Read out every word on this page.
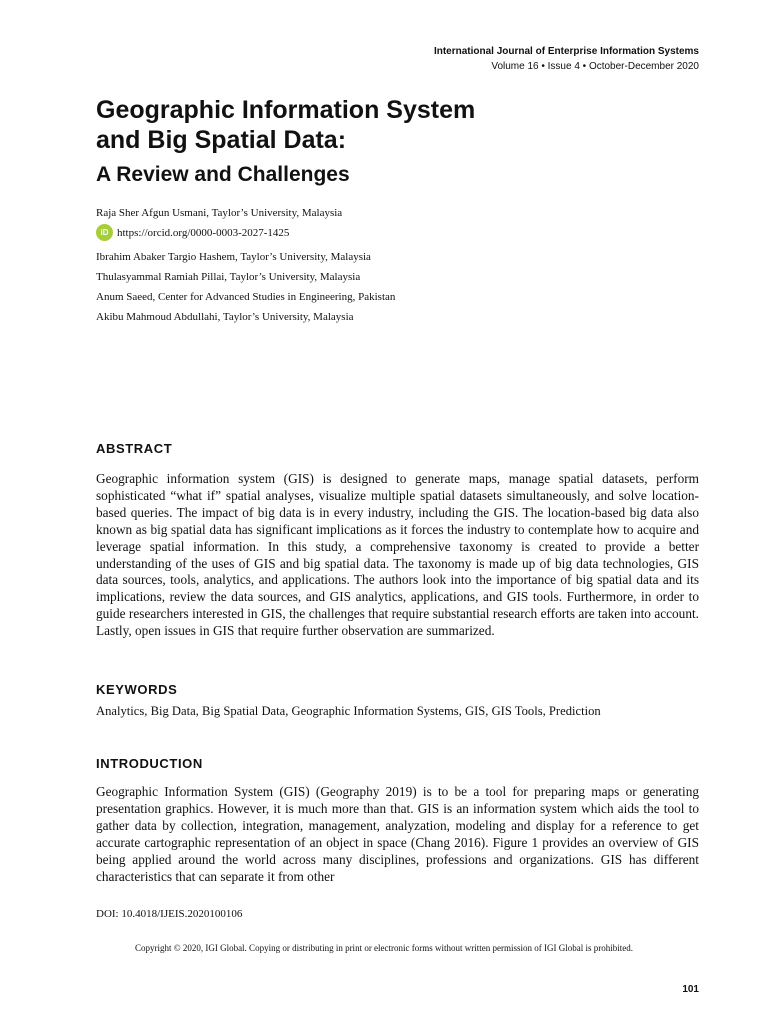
International Journal of Enterprise Information Systems
Volume 16 • Issue 4 • October-December 2020
Geographic Information System
and Big Spatial Data:
A Review and Challenges
Raja Sher Afgun Usmani, Taylor’s University, Malaysia
iD https://orcid.org/0000-0003-2027-1425
Ibrahim Abaker Targio Hashem, Taylor’s University, Malaysia
Thulasyammal Ramiah Pillai, Taylor’s University, Malaysia
Anum Saeed, Center for Advanced Studies in Engineering, Pakistan
Akibu Mahmoud Abdullahi, Taylor’s University, Malaysia
ABSTRACT

Geographic information system (GIS) is designed to generate maps, manage spatial datasets, perform sophisticated “what if” spatial analyses, visualize multiple spatial datasets simultaneously, and solve location-based queries. The impact of big data is in every industry, including the GIS. The location-based big data also known as big spatial data has significant implications as it forces the industry to contemplate how to acquire and leverage spatial information. In this study, a comprehensive taxonomy is created to provide a better understanding of the uses of GIS and big spatial data. The taxonomy is made up of big data technologies, GIS data sources, tools, analytics, and applications. The authors look into the importance of big spatial data and its implications, review the data sources, and GIS analytics, applications, and GIS tools. Furthermore, in order to guide researchers interested in GIS, the challenges that require substantial research efforts are taken into account. Lastly, open issues in GIS that require further observation are summarized.

KEYWORDS
Analytics, Big Data, Big Spatial Data, Geographic Information Systems, GIS, GIS Tools, Prediction
INTRODUCTION

Geographic Information System (GIS) (Geography 2019) is to be a tool for preparing maps or generating presentation graphics. However, it is much more than that. GIS is an information system which aids the tool to gather data by collection, integration, management, analyzation, modeling and display for a reference to get accurate cartographic representation of an object in space (Chang 2016). Figure 1 provides an overview of GIS being applied around the world across many disciplines, professions and organizations. GIS has different characteristics that can separate it from other

DOI: 10.4018/IJEIS.2020100106
Copyright © 2020, IGI Global. Copying or distributing in print or electronic forms without written permission of IGI Global is prohibited.
101
